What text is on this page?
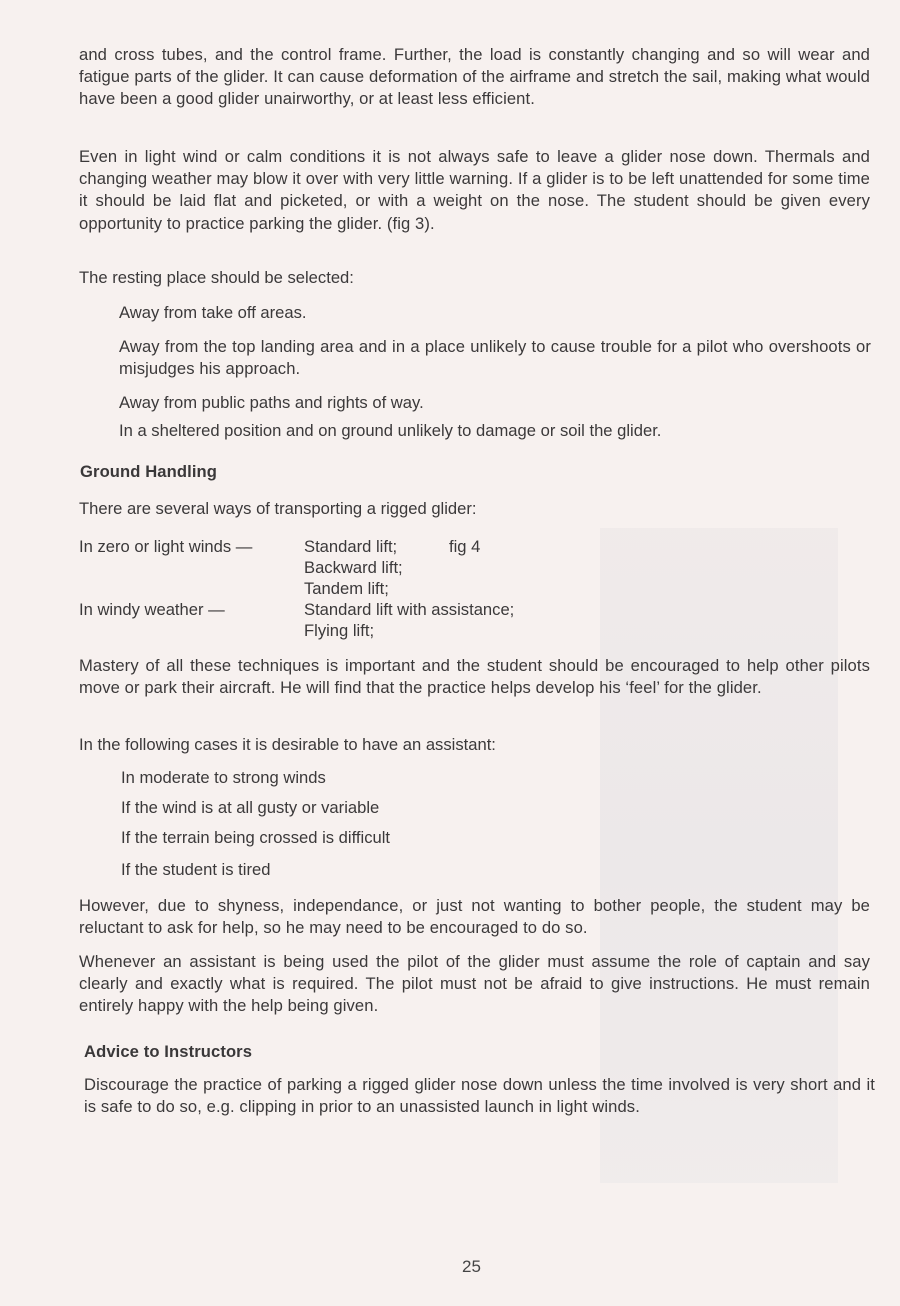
and cross tubes, and the control frame. Further, the load is constantly changing and so will wear and fatigue parts of the glider. It can cause deformation of the airframe and stretch the sail, making what would have been a good glider unairworthy, or at least less efficient.

Even in light wind or calm conditions it is not always safe to leave a glider nose down. Thermals and changing weather may blow it over with very little warning. If a glider is to be left unattended for some time it should be laid flat and picketed, or with a weight on the nose. The student should be given every opportunity to practice parking the glider. (fig 3).

The resting place should be selected:

Away from take off areas.

Away from the top landing area and in a place unlikely to cause trouble for a pilot who overshoots or misjudges his approach.

Away from public paths and rights of way.

In a sheltered position and on ground unlikely to damage or soil the glider.

Ground Handling

There are several ways of transporting a rigged glider:

In zero or light winds —	Standard lift;	fig 4
Backward lift;
Tandem lift;
In windy weather —	Standard lift with assistance;
Flying lift;

Mastery of all these techniques is important and the student should be encouraged to help other pilots move or park their aircraft. He will find that the practice helps develop his ‘feel’ for the glider.

In the following cases it is desirable to have an assistant:

In moderate to strong winds

If the wind is at all gusty or variable

If the terrain being crossed is difficult

If the student is tired

However, due to shyness, independance, or just not wanting to bother people, the student may be reluctant to ask for help, so he may need to be encouraged to do so.

Whenever an assistant is being used the pilot of the glider must assume the role of captain and say clearly and exactly what is required. The pilot must not be afraid to give instructions. He must remain entirely happy with the help being given.

Advice to Instructors

Discourage the practice of parking a rigged glider nose down unless the time involved is very short and it is safe to do so, e.g. clipping in prior to an unassisted launch in light winds.

25
